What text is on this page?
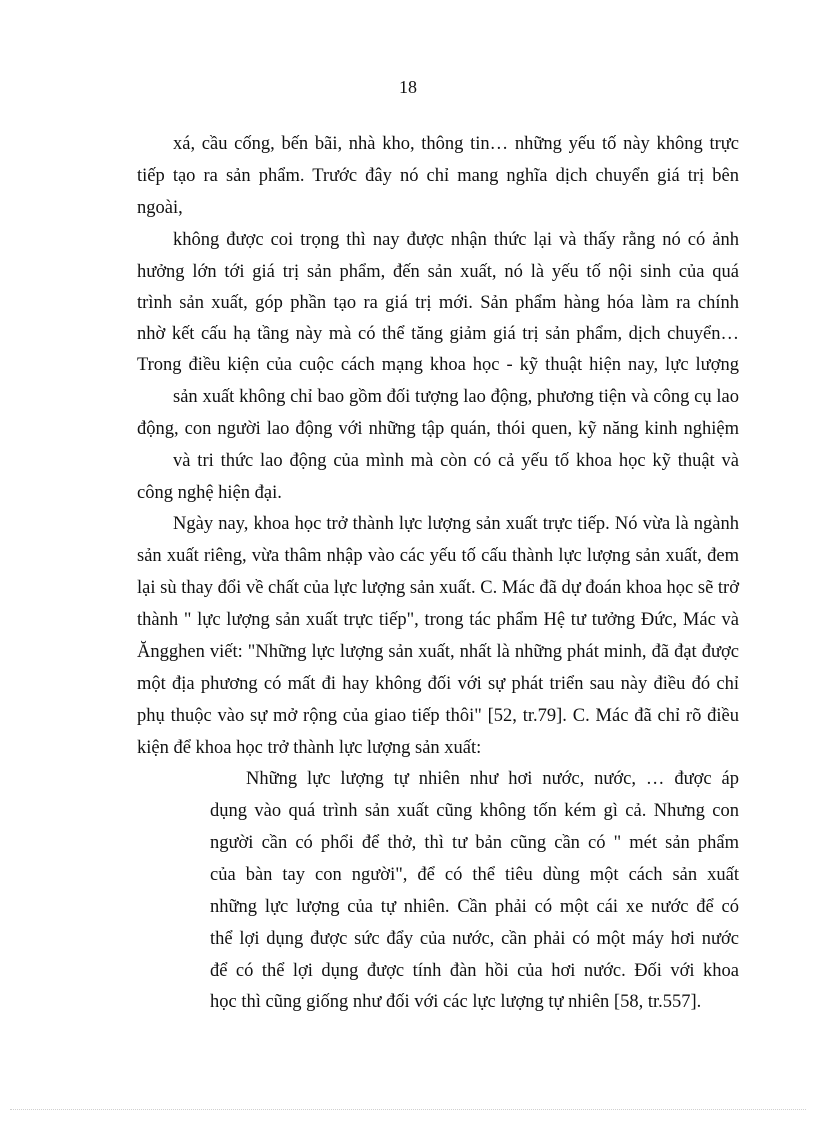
18
xá, cầu cống, bến bãi, nhà kho, thông tin… những yếu tố này không trực
tiếp tạo ra sản phẩm. Trước đây nó chỉ mang nghĩa dịch chuyển giá trị bên
ngoài,
không được coi trọng thì nay được nhận thức lại và thấy rằng nó có ảnh
hưởng lớn tới giá trị sản phẩm, đến sản xuất, nó là yếu tố nội sinh của quá
trình sản xuất, góp phần tạo ra giá trị mới. Sản phẩm hàng hóa làm ra chính
nhờ kết cấu hạ tầng này mà có thể tăng giảm giá trị sản phẩm, dịch chuyển…
Trong điều kiện của cuộc cách mạng khoa học - kỹ thuật hiện nay, lực lượng
sản xuất không chỉ bao gồm đối tượng lao động, phương tiện và công cụ lao
động, con người lao động với những tập quán, thói quen, kỹ năng kinh nghiệm
và tri thức lao động của mình mà còn có cả yếu tố khoa học kỹ thuật và
công nghệ hiện đại.
Ngày nay, khoa học trở thành lực lượng sản xuất trực tiếp. Nó vừa là ngành
sản xuất riêng, vừa thâm nhập vào các yếu tố cấu thành lực lượng sản xuất, đem
lại sù thay đổi về chất của lực lượng sản xuất. C. Mác đã dự đoán khoa học sẽ trở
thành " lực lượng sản xuất trực tiếp", trong tác phẩm Hệ tư tưởng Đức, Mác và
Ăngghen viết: "Những lực lượng sản xuất, nhất là những phát minh, đã đạt được
một địa phương có mất đi hay không đối với sự phát triển sau này điều đó chỉ
phụ thuộc vào sự mở rộng của giao tiếp thôi" [52, tr.79]. C. Mác đã chỉ rõ điều
kiện để khoa học trở thành lực lượng sản xuất:
Những lực lượng tự nhiên như hơi nước, nước, … được áp
dụng vào quá trình sản xuất cũng không tốn kém gì cả. Nhưng con
người cần có phổi để thở, thì tư bản cũng cần có " mét sản phẩm
của bàn tay con người", để có thể tiêu dùng một cách sản xuất
những lực lượng của tự nhiên. Cần phải có một cái xe nước để có
thể lợi dụng được sức đẩy của nước, cần phải có một máy hơi nước
để có thể lợi dụng được tính đàn hồi của hơi nước. Đối với khoa
học thì cũng giống như đối với các lực lượng tự nhiên [58, tr.557].
